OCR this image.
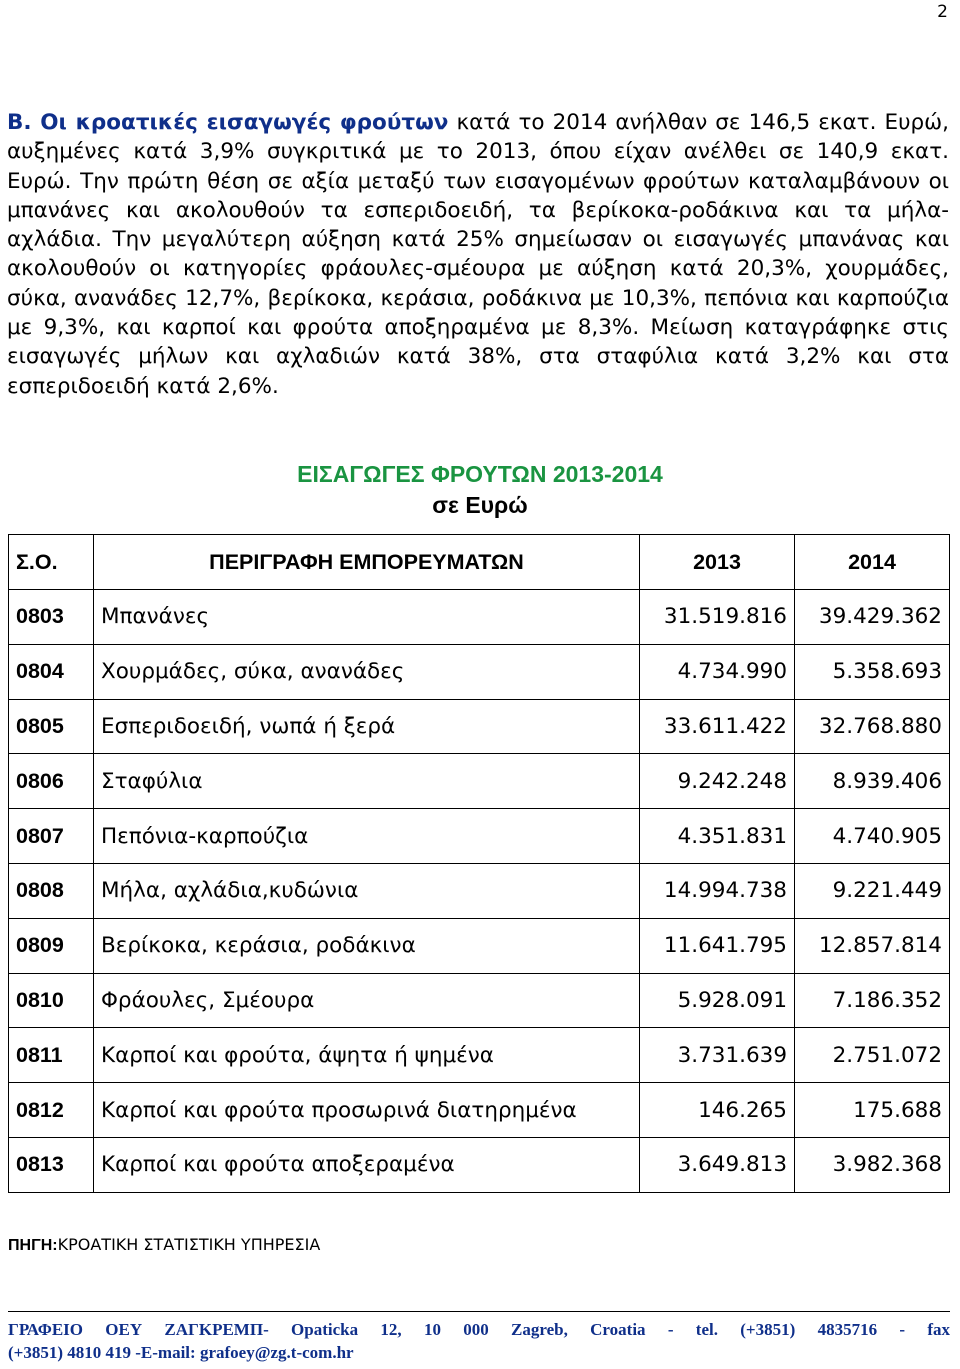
2
Β. Οι κροατικές εισαγωγές φρούτων κατά το 2014 ανήλθαν σε 146,5 εκατ. Ευρώ, αυξημένες κατά 3,9% συγκριτικά με το 2013, όπου είχαν ανέλθει σε 140,9 εκατ. Ευρώ. Την πρώτη θέση σε αξία μεταξύ των εισαγομένων φρούτων καταλαμβάνουν οι μπανάνες και ακολουθούν τα εσπεριδοειδή, τα βερίκοκα-ροδάκινα και τα μήλα-αχλάδια. Την μεγαλύτερη αύξηση κατά 25% σημείωσαν οι εισαγωγές μπανάνας και ακολουθούν οι κατηγορίες φράουλες-σμέουρα με αύξηση κατά 20,3%, χουρμάδες, σύκα, ανανάδες 12,7%, βερίκοκα, κεράσια, ροδάκινα με 10,3%, πεπόνια και καρπούζια με 9,3%, και καρποί και φρούτα αποξηραμένα με 8,3%. Μείωση καταγράφηκε στις εισαγωγές μήλων και αχλαδιών κατά 38%, στα σταφύλια κατά 3,2% και στα εσπεριδοειδή κατά 2,6%.
ΕΙΣΑΓΩΓΕΣ ΦΡΟΥΤΩΝ 2013-2014
σε Ευρώ
Σ.Ο.	ΠΕΡΙΓΡΑΦΗ ΕΜΠΟΡΕΥΜΑΤΩΝ	2013	2014
0803	Μπανάνες	31.519.816	39.429.362
0804	Χουρμάδες, σύκα, ανανάδες	4.734.990	5.358.693
0805	Εσπεριδοειδή, νωπά ή ξερά	33.611.422	32.768.880
0806	Σταφύλια	9.242.248	8.939.406
0807	Πεπόνια-καρπούζια	4.351.831	4.740.905
0808	Μήλα, αχλάδια,κυδώνια	14.994.738	9.221.449
0809	Βερίκοκα, κεράσια, ροδάκινα	11.641.795	12.857.814
0810	Φράουλες, Σμέουρα	5.928.091	7.186.352
0811	Καρποί και φρούτα, άψητα ή ψημένα	3.731.639	2.751.072
0812	Καρποί και φρούτα προσωρινά διατηρημένα	146.265	175.688
0813	Καρποί και φρούτα αποξεραμένα	3.649.813	3.982.368
ΠΗΓΗ:ΚΡΟΑΤΙΚΗ ΣΤΑΤΙΣΤΙΚΗ ΥΠΗΡΕΣΙΑ
ΓΡΑΦΕΙΟ ΟΕΥ ΖΑΓΚΡΕΜΠ- Opaticka 12, 10 000 Zagreb, Croatia - tel. (+3851) 4835716 - fax
(+3851) 4810 419 -E-mail: grafoey@zg.t-com.hr
